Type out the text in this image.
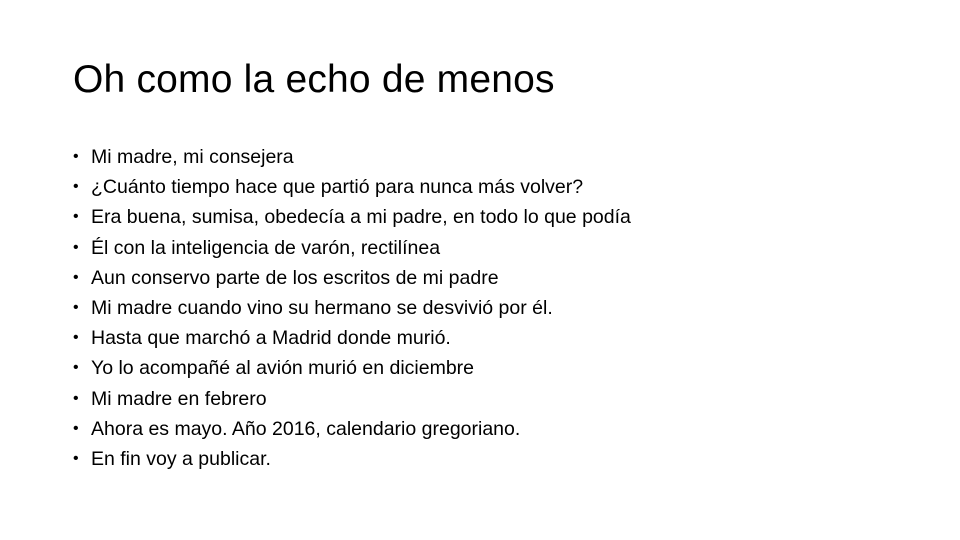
Oh como la echo de menos
• Mi madre, mi consejera
• ¿Cuánto tiempo hace que partió para nunca más volver?
• Era buena, sumisa, obedecía a mi padre, en todo lo que podía
• Él con la inteligencia de varón, rectilínea
• Aun conservo parte de los escritos de mi padre
• Mi madre cuando vino su hermano se desvivió por él.
• Hasta que marchó a Madrid donde murió.
• Yo lo acompañé al avión murió en diciembre
• Mi madre en febrero
• Ahora es mayo. Año 2016, calendario gregoriano.
• En fin voy a publicar.
